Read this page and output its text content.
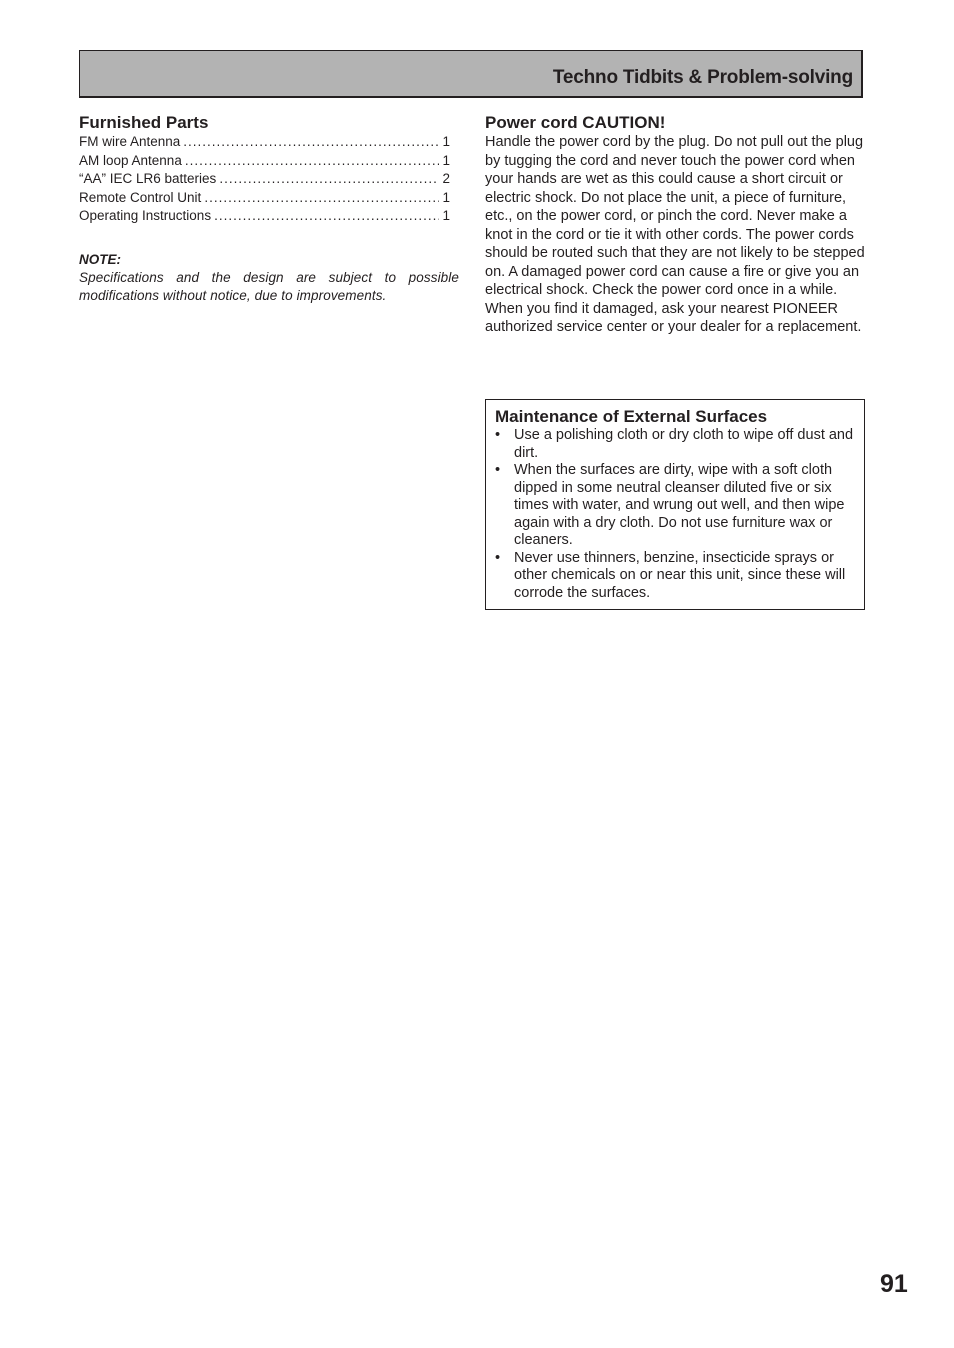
Techno Tidbits & Problem-solving
Furnished Parts
FM wire Antenna .....	1
AM loop Antenna .....	1
“AA” IEC LR6 batteries .....	2
Remote Control Unit .....	1
Operating Instructions .....	1
NOTE:
Specifications and the design are subject to possible modifications without notice, due to improvements.
Power cord CAUTION!

Handle the power cord by the plug. Do not pull out the plug by tugging the cord and never touch the power cord when your hands are wet as this could cause a short circuit or electric shock. Do not place the unit, a piece of furniture, etc., on the power cord, or pinch the cord. Never make a knot in the cord or tie it with other cords. The power cords should be routed such that they are not likely to be stepped on. A damaged power cord can cause a fire or give you an electrical shock. Check the power cord once in a while. When you find it damaged, ask your nearest PIONEER authorized service center or your dealer for a replacement.

Maintenance of External Surfaces
• Use a polishing cloth or dry cloth to wipe off dust and dirt.
• When the surfaces are dirty, wipe with a soft cloth dipped in some neutral cleanser diluted five or six times with water, and wrung out well, and then wipe again with a dry cloth. Do not use furniture wax or cleaners.
• Never use thinners, benzine, insecticide sprays or other chemicals on or near this unit, since these will corrode the surfaces.
91
